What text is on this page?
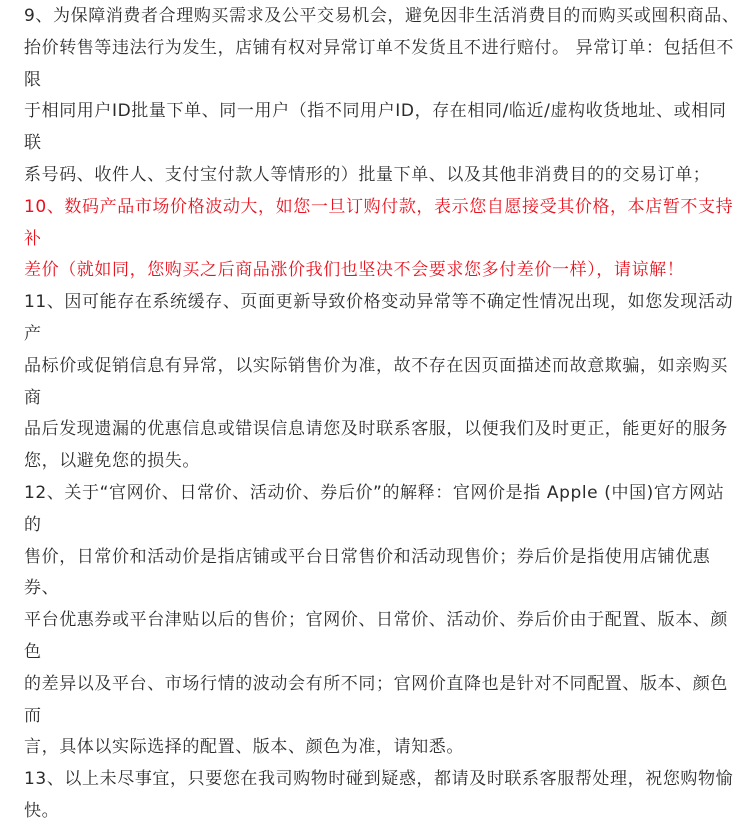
9、为保障消费者合理购买需求及公平交易机会，避免因非生活消费目的而购买或囤积商品、
抬价转售等违法行为发生，店铺有权对异常订单不发货且不进行赔付。 异常订单：包括但不限
于相同用户ID批量下单、同一用户（指不同用户ID，存在相同/临近/虚构收货地址、或相同联
系号码、收件人、支付宝付款人等情形的）批量下单、以及其他非消费目的的交易订单；

10、数码产品市场价格波动大，如您一旦订购付款，表示您自愿接受其价格，本店暂不支持补
差价（就如同，您购买之后商品涨价我们也坚决不会要求您多付差价一样），请谅解！

11、因可能存在系统缓存、页面更新导致价格变动异常等不确定性情况出现，如您发现活动产
品标价或促销信息有异常，以实际销售价为准，故不存在因页面描述而故意欺骗，如亲购买商
品后发现遗漏的优惠信息或错误信息请您及时联系客服，以便我们及时更正，能更好的服务
您，以避免您的损失。

12、关于“官网价、日常价、活动价、券后价”的解释：官网价是指 Apple (中国)官方网站的
售价，日常价和活动价是指店铺或平台日常售价和活动现售价；券后价是指使用店铺优惠券、
平台优惠券或平台津贴以后的售价；官网价、日常价、活动价、券后价由于配置、版本、颜色
的差异以及平台、市场行情的波动会有所不同；官网价直降也是针对不同配置、版本、颜色而
言，具体以实际选择的配置、版本、颜色为准，请知悉。

13、以上未尽事宜，只要您在我司购物时碰到疑惑，都请及时联系客服帮处理，祝您购物愉
快。
